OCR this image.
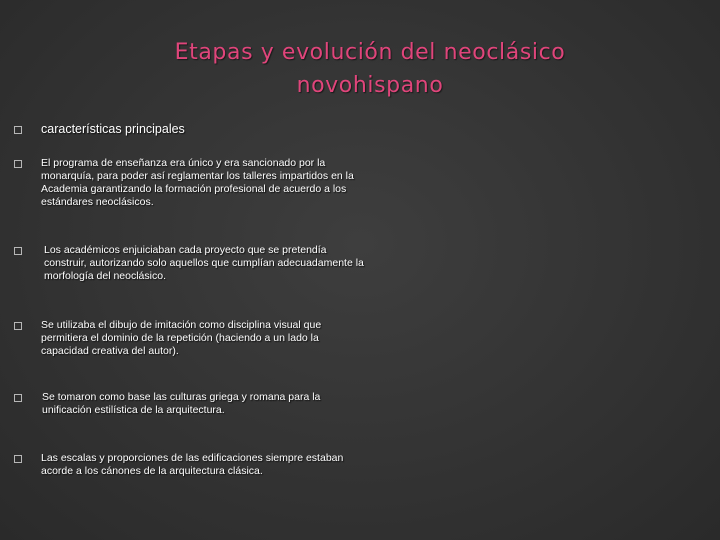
Etapas y evolución del neoclásico
novohispano
características principales
El programa de enseñanza era único y era sancionado por la monarquía, para poder así reglamentar los talleres impartidos en la Academia garantizando la formación profesional de acuerdo a los estándares neoclásicos.
Los académicos enjuiciaban cada proyecto que se pretendía construir, autorizando solo aquellos que cumplían adecuadamente la morfología del neoclásico.
Se utilizaba el dibujo de imitación como disciplina visual que permitiera el dominio de la repetición (haciendo a un lado la capacidad creativa del autor).
Se tomaron como base las culturas griega y romana para la unificación estilística de la arquitectura.
Las escalas y proporciones de las edificaciones siempre estaban acorde a los cánones de la arquitectura clásica.
